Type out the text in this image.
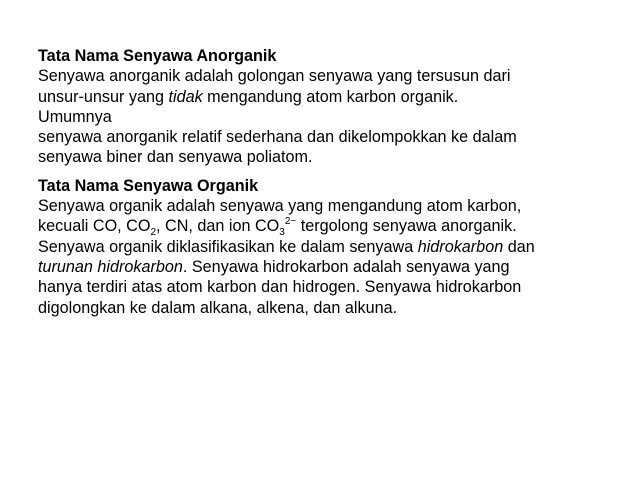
Tata Nama Senyawa Anorganik
Senyawa anorganik adalah golongan senyawa yang tersusun dari
unsur-unsur yang tidak mengandung atom karbon organik.
Umumnya
senyawa anorganik relatif sederhana dan dikelompokkan ke dalam
senyawa biner dan senyawa poliatom.
Tata Nama Senyawa Organik
Senyawa organik adalah senyawa yang mengandung atom karbon,
kecuali CO, $CO_2$, CN, dan ion $CO_3^{2-}$ tergolong senyawa anorganik.
Senyawa organik diklasifikasikan ke dalam senyawa hidrokarbon dan
turunan hidrokarbon. Senyawa hidrokarbon adalah senyawa yang
hanya terdiri atas atom karbon dan hidrogen. Senyawa hidrokarbon
digolongkan ke dalam alkana, alkena, dan alkuna.
